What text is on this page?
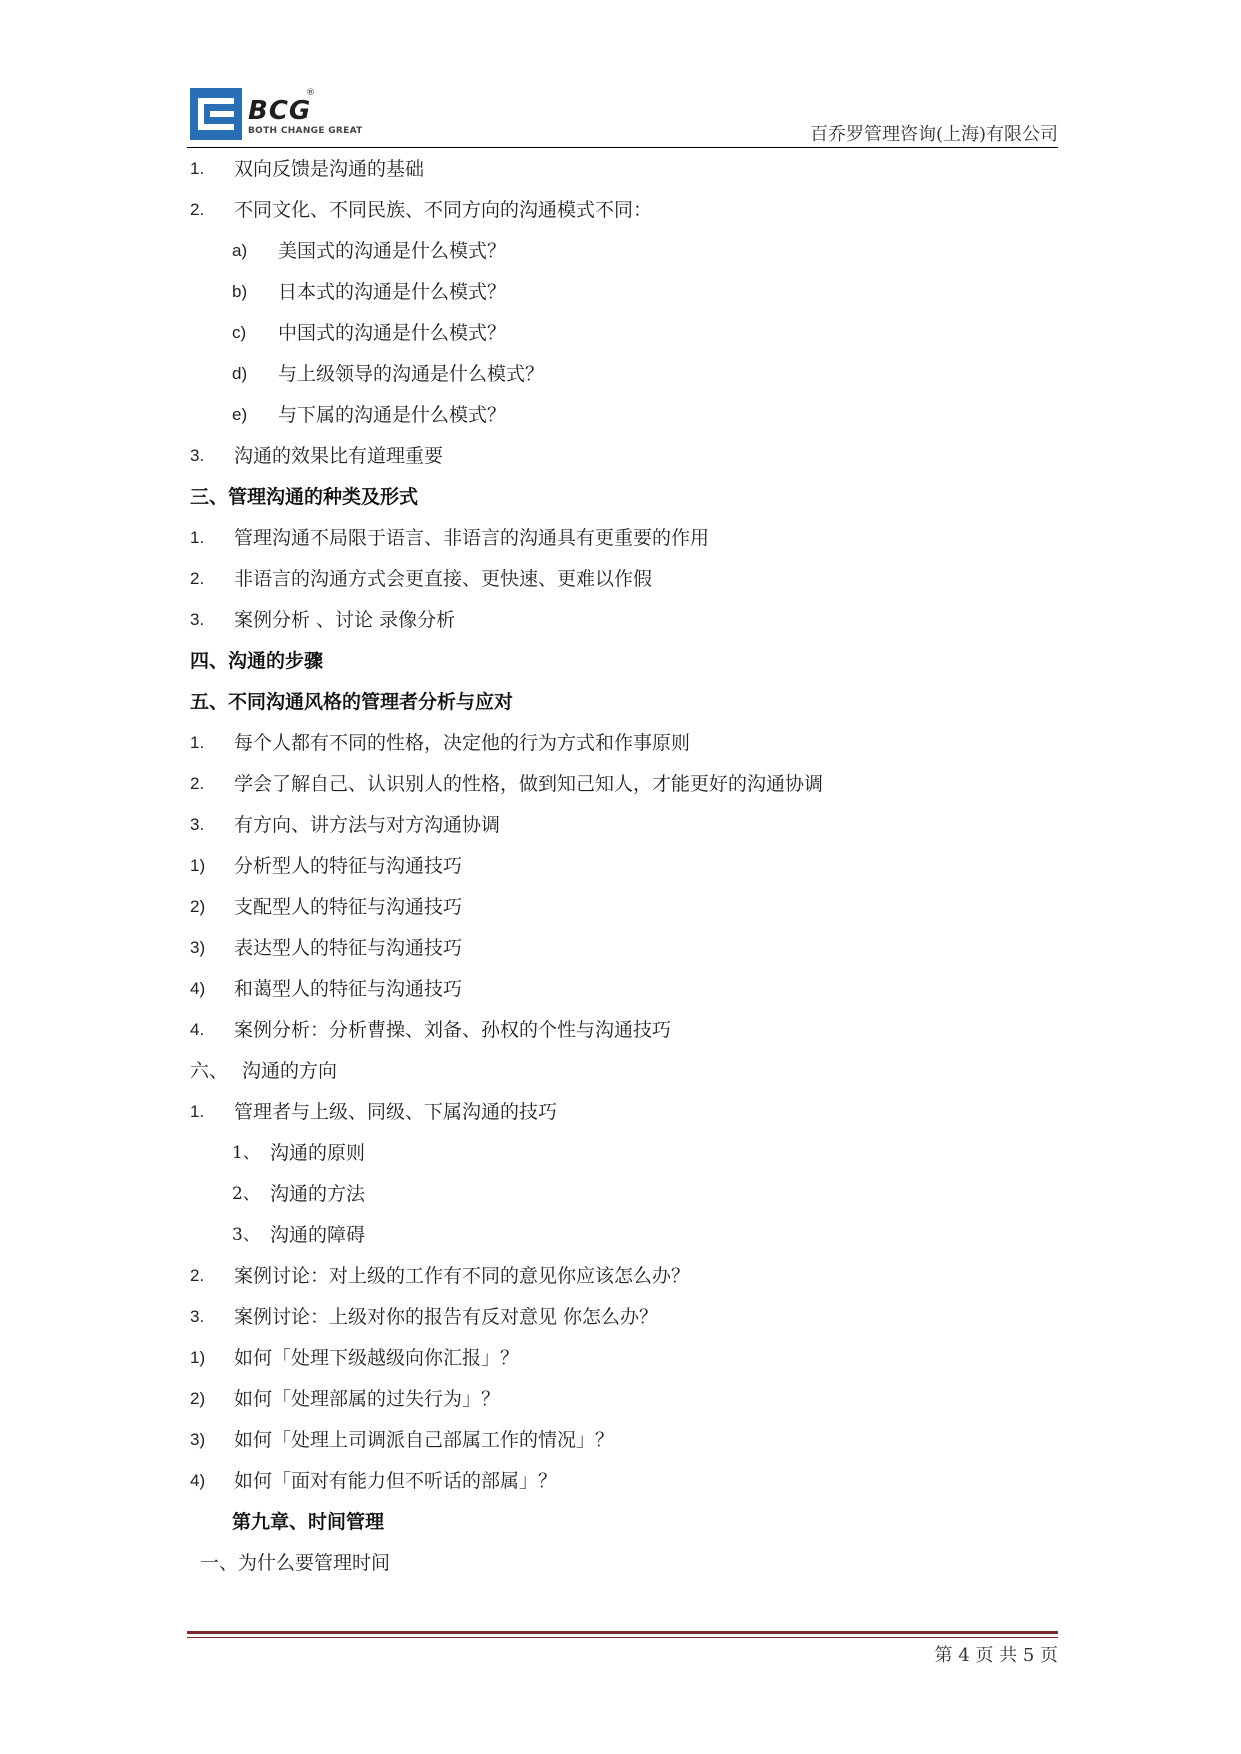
BCG
®
BOTH CHANGE GREAT	百乔罗管理咨询(上海)有限公司
1. 双向反馈是沟通的基础
2. 不同文化、不同民族、不同方向的沟通模式不同：
a) 美国式的沟通是什么模式？
b) 日本式的沟通是什么模式？
c) 中国式的沟通是什么模式？
d) 与上级领导的沟通是什么模式？
e) 与下属的沟通是什么模式？
3. 沟通的效果比有道理重要
三、管理沟通的种类及形式
1. 管理沟通不局限于语言、非语言的沟通具有更重要的作用
2. 非语言的沟通方式会更直接、更快速、更难以作假
3. 案例分析 、讨论 录像分析
四、沟通的步骤
五、不同沟通风格的管理者分析与应对
1. 每个人都有不同的性格，决定他的行为方式和作事原则
2. 学会了解自己、认识别人的性格，做到知己知人，才能更好的沟通协调
3. 有方向、讲方法与对方沟通协调
1) 分析型人的特征与沟通技巧
2) 支配型人的特征与沟通技巧
3) 表达型人的特征与沟通技巧
4) 和蔼型人的特征与沟通技巧
4. 案例分析：分析曹操、刘备、孙权的个性与沟通技巧
六、 沟通的方向
1. 管理者与上级、同级、下属沟通的技巧
1、 沟通的原则
2、 沟通的方法
3、 沟通的障碍
2. 案例讨论：对上级的工作有不同的意见你应该怎么办？
3. 案例讨论：上级对你的报告有反对意见 你怎么办？
1) 如何「处理下级越级向你汇报」？
2) 如何「处理部属的过失行为」？
3) 如何「处理上司调派自己部属工作的情况」？
4) 如何「面对有能力但不听话的部属」？
第九章、时间管理
一、为什么要管理时间
第 4 页 共 5 页
